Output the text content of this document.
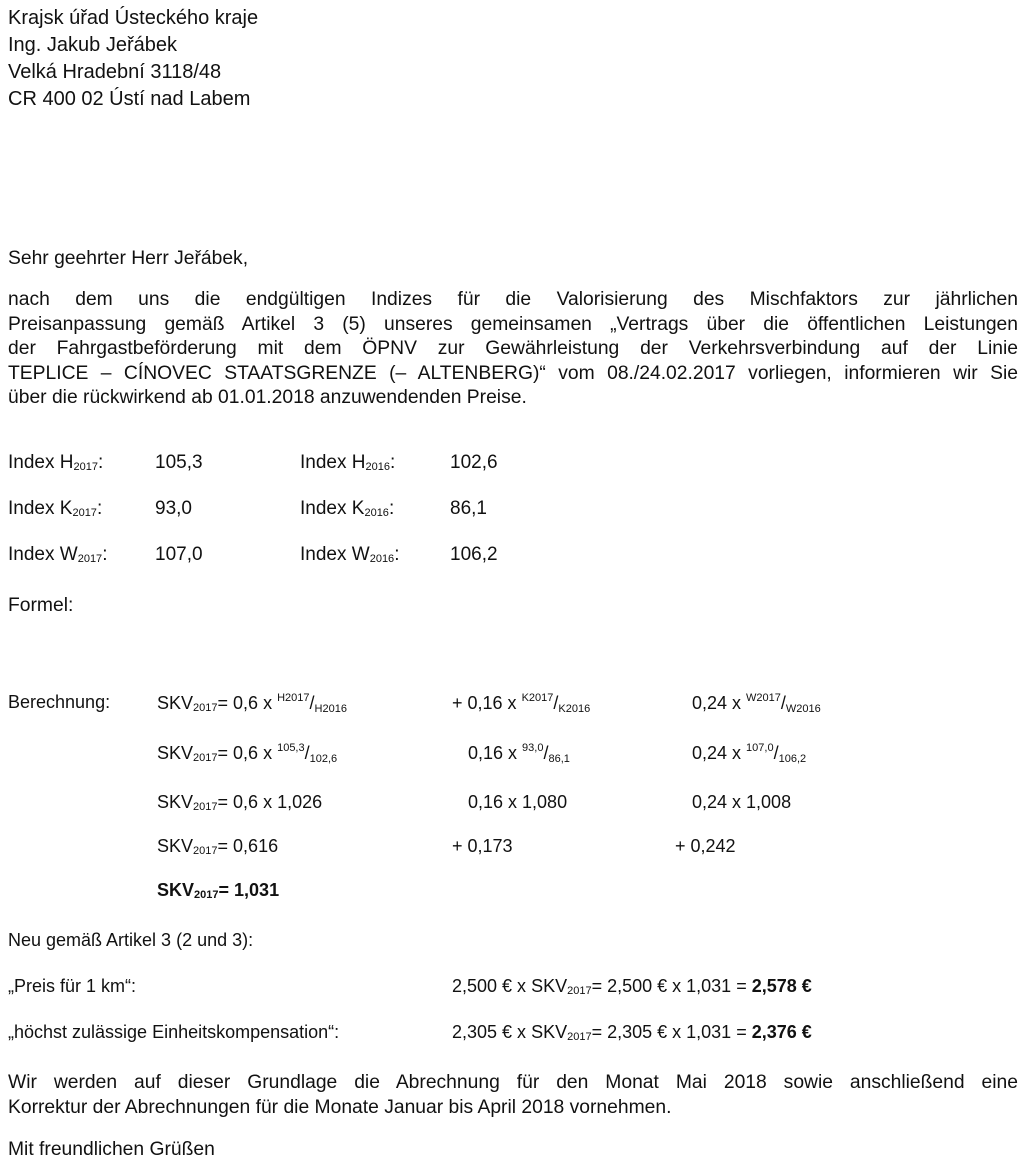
Krajsk úřad Ústeckého kraje
Ing. Jakub Jeřábek
Velká Hradební 3118/48
CR 400 02 Ústí nad Labem
Sehr geehrter Herr Jeřábek,
nach dem uns die endgültigen Indizes für die Valorisierung des Mischfaktors zur jährlichen
Preisanpassung gemäß Artikel 3 (5) unseres gemeinsamen „Vertrags über die öffentlichen Leistungen
der Fahrgastbeförderung mit dem ÖPNV zur Gewährleistung der Verkehrsverbindung auf der Linie
TEPLICE – CÍNOVEC STAATSGRENZE (– ALTENBERG)“ vom 08./24.02.2017 vorliegen, informieren wir Sie
über die rückwirkend ab 01.01.2018 anzuwendenden Preise.
Index $H_{2017}$:	105,3	Index $H_{2016}$:	102,6
Index $K_{2017}$:	93,0	Index $K_{2016}$:	86,1
Index $W_{2017}$:	107,0	Index $W_{2016}$:	106,2
Formel:
Berechnung:	$SKV_{2017}= 0,6$ x $^{H2017}$/H2016	+ 0,16 x $^{K2017}$/K2016	0,24 x $^{W2017}$/W2016
$SKV_{2017}= 0,6$ x $^{105,3}$/102,6	0,16 x $^{93,0}$/86,1	0,24 x $^{107,0}$/106,2
$SKV_{2017}= 0,6$ x 1,026	0,16 x 1,080	0,24 x 1,008
$SKV_{2017}= 0,616$	+ 0,173	+ 0,242
$SKV_{2017}= 1,031$
Neu gemäß Artikel 3 (2 und 3):
„Preis für 1 km“:	2,500 € x $SKV_{2017}= 2,500$ € x 1,031 = 2,578 €
„höchst zulässige Einheitskompensation“:	2,305 € x $SKV_{2017}= 2,305$ € x 1,031 = 2,376 €
Wir werden auf dieser Grundlage die Abrechnung für den Monat Mai 2018 sowie anschließend eine
Korrektur der Abrechnungen für die Monate Januar bis April 2018 vornehmen.
Mit freundlichen Grüßen
